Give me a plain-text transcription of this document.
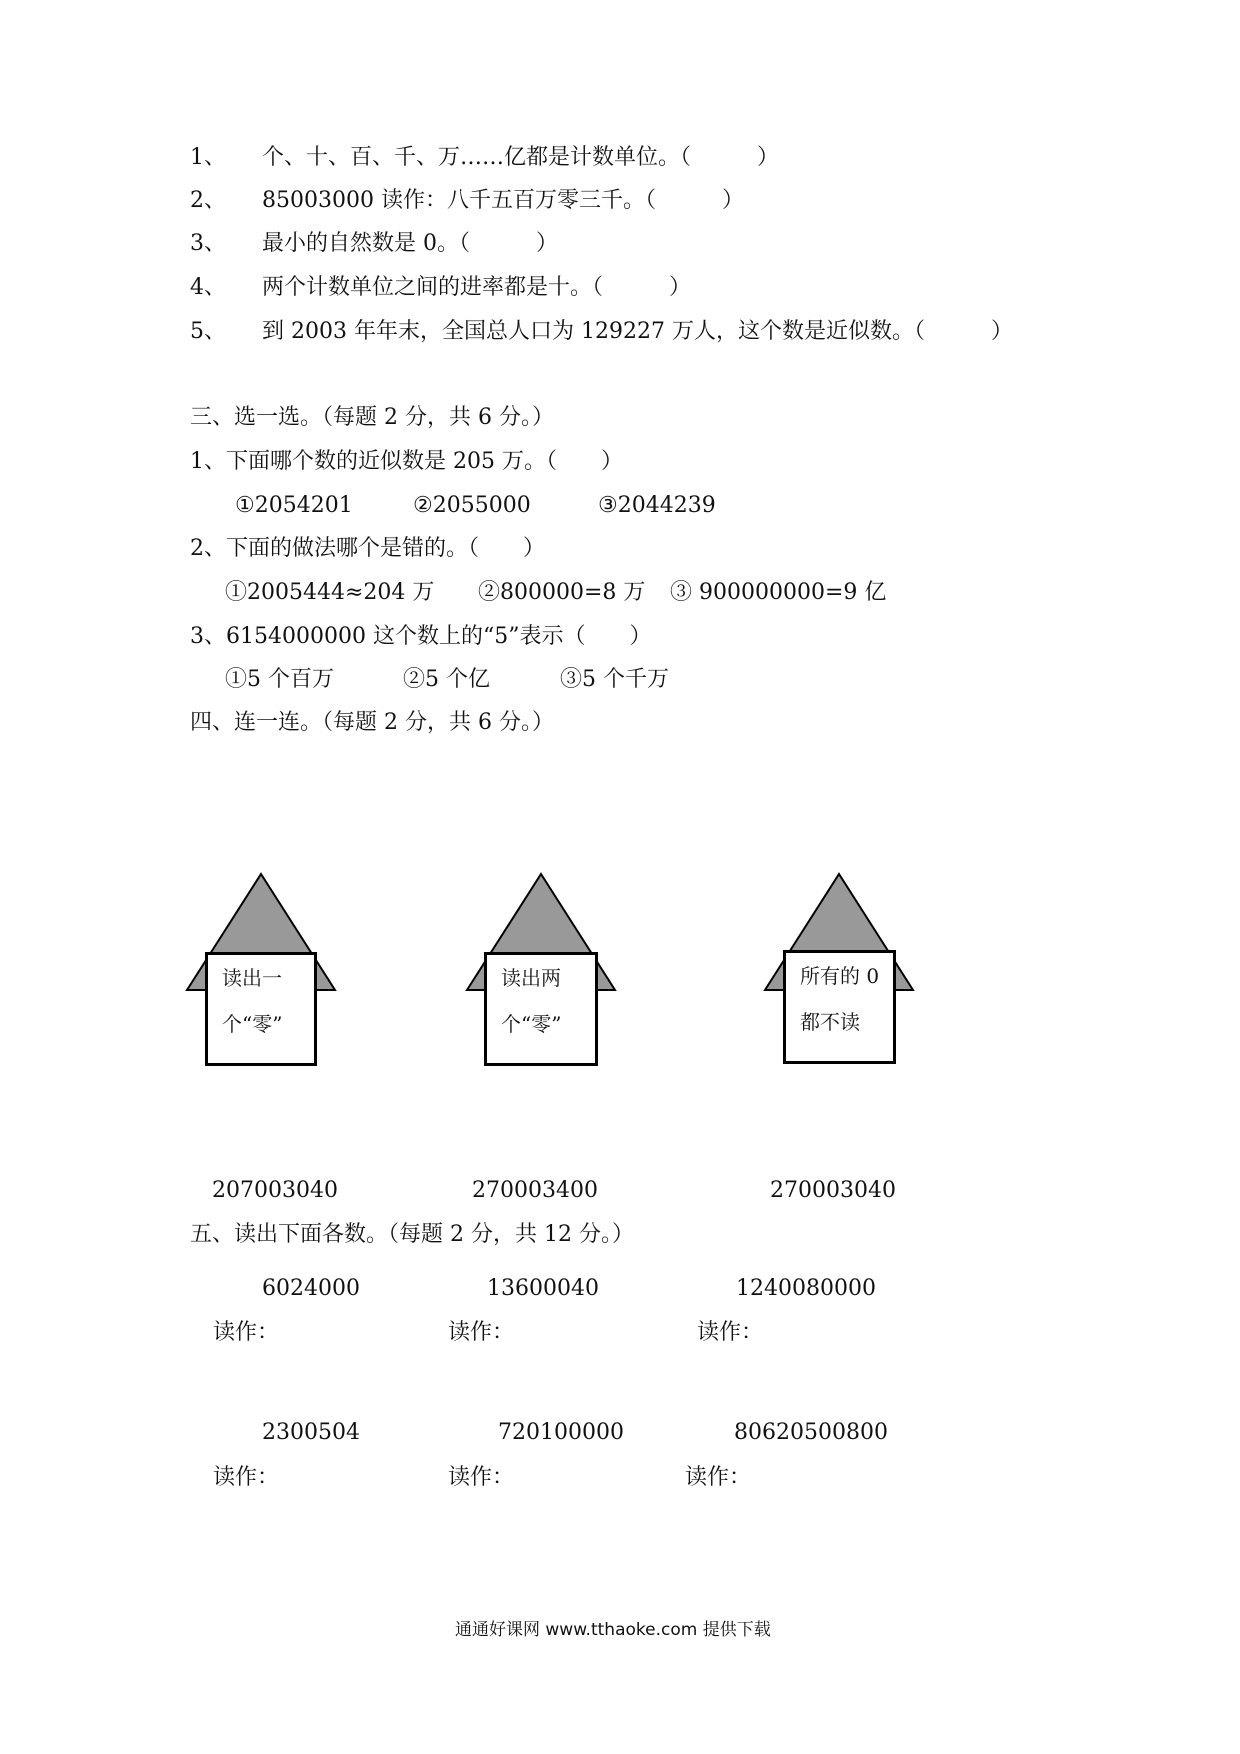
1、 个、十、百、千、万……亿都是计数单位。（　　　）
2、 85003000 读作：八千五百万零三千。（　　　）
3、 最小的自然数是 0。（　　　）
4、 两个计数单位之间的进率都是十。（　　　）
5、 到 2003 年年末，全国总人口为 129227 万人，这个数是近似数。（　　　）
三、选一选。（每题 2 分，共 6 分。）
1、下面哪个数的近似数是 205 万。（　　）
①2054201	②2055000	③2044239
2、下面的做法哪个是错的。（　　）
①2005444≈204 万 ②800000=8 万 ③ 900000000=9 亿
3、6154000000 这个数上的“5”表示（　　）
①5 个百万	②5 个亿	③5 个千万
四、连一连。（每题 2 分，共 6 分。）
读出一
个“零”
读出两
个“零”
所有的 0
都不读
207003040	270003400	270003040
五、读出下面各数。（每题 2 分，共 12 分。）
6024000	13600040	1240080000
读作：	读作：	读作：
2300504	720100000	80620500800
读作：	读作：	读作：
通通好课网 www.tthaoke.com 提供下载
